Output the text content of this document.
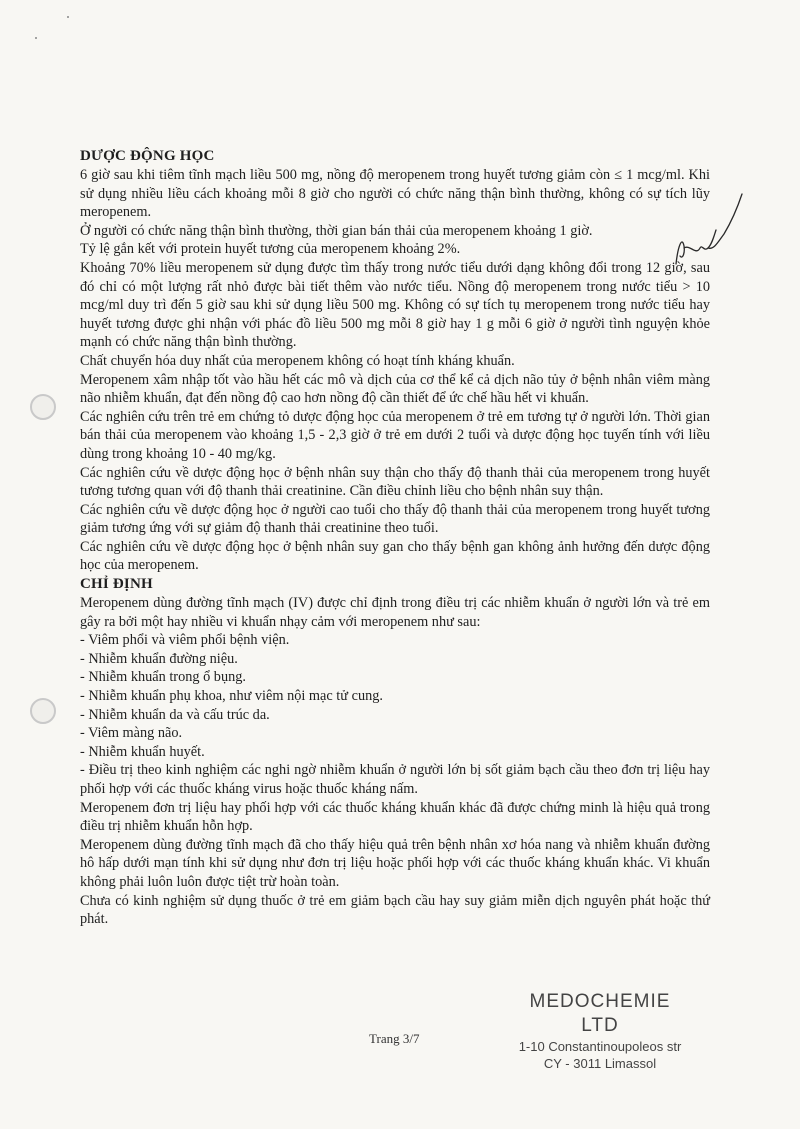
DƯỢC ĐỘNG HỌC

6 giờ sau khi tiêm tĩnh mạch liều 500 mg, nồng độ meropenem trong huyết tương giảm còn ≤ 1 mcg/ml. Khi sử dụng nhiều liều cách khoảng mỗi 8 giờ cho người có chức năng thận bình thường, không có sự tích lũy meropenem.

Ở người có chức năng thận bình thường, thời gian bán thải của meropenem khoảng 1 giờ.

Tỷ lệ gắn kết với protein huyết tương của meropenem khoảng 2%.

Khoảng 70% liều meropenem sử dụng được tìm thấy trong nước tiểu dưới dạng không đổi trong 12 giờ, sau đó chỉ có một lượng rất nhỏ được bài tiết thêm vào nước tiểu. Nồng độ meropenem trong nước tiểu > 10 mcg/ml duy trì đến 5 giờ sau khi sử dụng liều 500 mg. Không có sự tích tụ meropenem trong nước tiểu hay huyết tương được ghi nhận với phác đồ liều 500 mg mỗi 8 giờ hay 1 g mỗi 6 giờ ở người tình nguyện khỏe mạnh có chức năng thận bình thường.

Chất chuyển hóa duy nhất của meropenem không có hoạt tính kháng khuẩn.

Meropenem xâm nhập tốt vào hầu hết các mô và dịch của cơ thể kể cả dịch não tủy ở bệnh nhân viêm màng não nhiễm khuẩn, đạt đến nồng độ cao hơn nồng độ cần thiết để ức chế hầu hết vi khuẩn.

Các nghiên cứu trên trẻ em chứng tỏ dược động học của meropenem ở trẻ em tương tự ở người lớn. Thời gian bán thải của meropenem vào khoảng 1,5 - 2,3 giờ ở trẻ em dưới 2 tuổi và dược động học tuyến tính với liều dùng trong khoảng 10 - 40 mg/kg.

Các nghiên cứu về dược động học ở bệnh nhân suy thận cho thấy độ thanh thải của meropenem trong huyết tương tương quan với độ thanh thải creatinine. Cần điều chỉnh liều cho bệnh nhân suy thận.

Các nghiên cứu về dược động học ở người cao tuổi cho thấy độ thanh thải của meropenem trong huyết tương giảm tương ứng với sự giảm độ thanh thải creatinine theo tuổi.

Các nghiên cứu về dược động học ở bệnh nhân suy gan cho thấy bệnh gan không ảnh hưởng đến dược động học của meropenem.

CHỈ ĐỊNH

Meropenem dùng đường tĩnh mạch (IV) được chỉ định trong điều trị các nhiễm khuẩn ở người lớn và trẻ em gây ra bởi một hay nhiều vi khuẩn nhạy cảm với meropenem như sau:

- Viêm phổi và viêm phổi bệnh viện.

- Nhiễm khuẩn đường niệu.

- Nhiễm khuẩn trong ổ bụng.

- Nhiễm khuẩn phụ khoa, như viêm nội mạc tử cung.

- Nhiễm khuẩn da và cấu trúc da.

- Viêm màng não.

- Nhiễm khuẩn huyết.

- Điều trị theo kinh nghiệm các nghi ngờ nhiễm khuẩn ở người lớn bị sốt giảm bạch cầu theo đơn trị liệu hay phối hợp với các thuốc kháng virus hoặc thuốc kháng nấm.

Meropenem đơn trị liệu hay phối hợp với các thuốc kháng khuẩn khác đã được chứng minh là hiệu quả trong điều trị nhiễm khuẩn hỗn hợp.

Meropenem dùng đường tĩnh mạch đã cho thấy hiệu quả trên bệnh nhân xơ hóa nang và nhiễm khuẩn đường hô hấp dưới mạn tính khi sử dụng như đơn trị liệu hoặc phối hợp với các thuốc kháng khuẩn khác. Vi khuẩn không phải luôn luôn được tiệt trừ hoàn toàn.

Chưa có kinh nghiệm sử dụng thuốc ở trẻ em giảm bạch cầu hay suy giảm miễn dịch nguyên phát hoặc thứ phát.

Trang 3/7
MEDOCHEMIE LTD
1-10 Constantinoupoleos str
CY - 3011 Limassol
